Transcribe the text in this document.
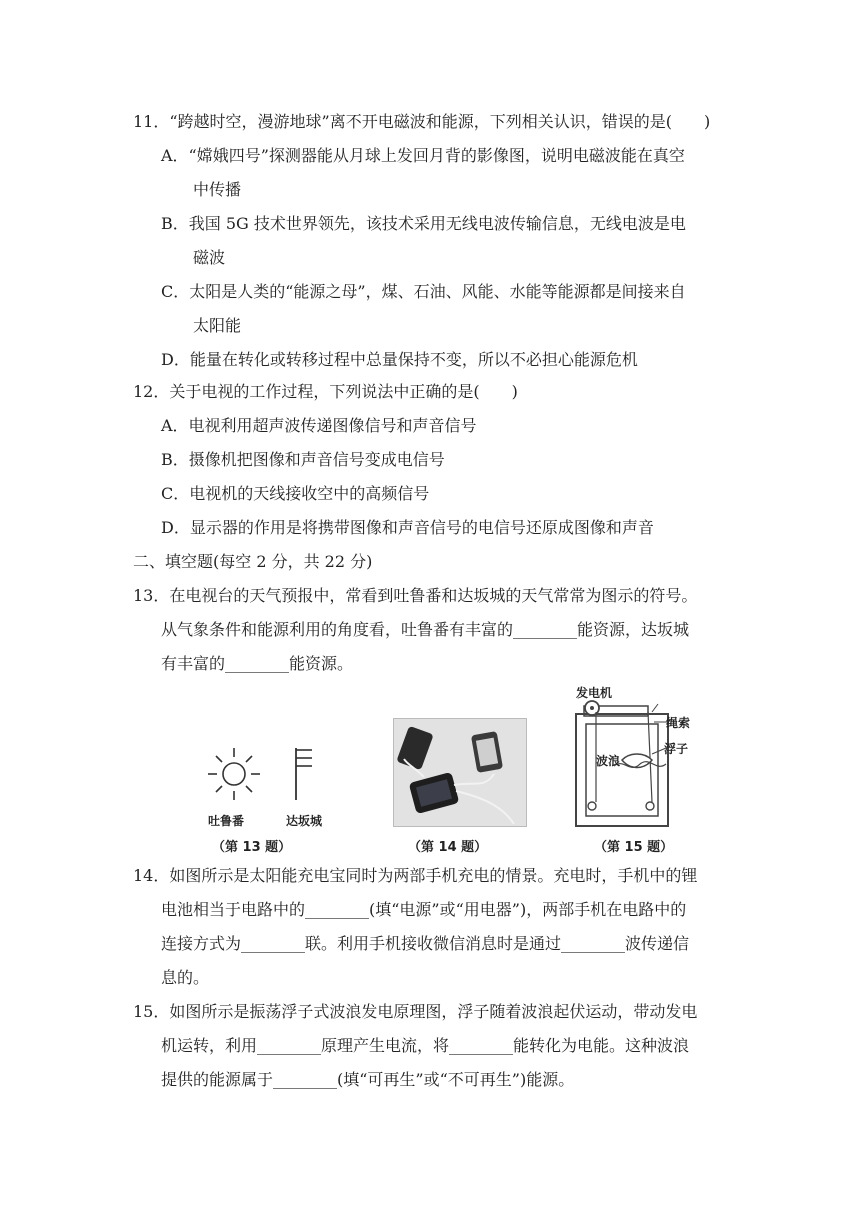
11．“跨越时空，漫游地球”离不开电磁波和能源，下列相关认识，错误的是(　　)
A．“嫦娥四号”探测器能从月球上发回月背的影像图，说明电磁波能在真空
中传播
B．我国 5G 技术世界领先，该技术采用无线电波传输信息，无线电波是电
磁波
C．太阳是人类的“能源之母”，煤、石油、风能、水能等能源都是间接来自
太阳能
D．能量在转化或转移过程中总量保持不变，所以不必担心能源危机
12．关于电视的工作过程，下列说法中正确的是(　　)
A．电视利用超声波传递图像信号和声音信号
B．摄像机把图像和声音信号变成电信号
C．电视机的天线接收空中的高频信号
D．显示器的作用是将携带图像和声音信号的电信号还原成图像和声音
二、填空题(每空 2 分，共 22 分)
13．在电视台的天气预报中，常看到吐鲁番和达坂城的天气常常为图示的符号。
从气象条件和能源利用的角度看，吐鲁番有丰富的________能资源，达坂城
有丰富的________能资源。
吐鲁番	达坂城
（第 13 题）	（第 14 题）
发电机
绳索
浮子
波浪
（第 15 题）
14．如图所示是太阳能充电宝同时为两部手机充电的情景。充电时，手机中的锂
电池相当于电路中的________(填“电源”或“用电器”)，两部手机在电路中的
连接方式为________联。利用手机接收微信消息时是通过________波传递信
息的。
15．如图所示是振荡浮子式波浪发电原理图，浮子随着波浪起伏运动，带动发电
机运转，利用________原理产生电流，将________能转化为电能。这种波浪
提供的能源属于________(填“可再生”或“不可再生”)能源。
